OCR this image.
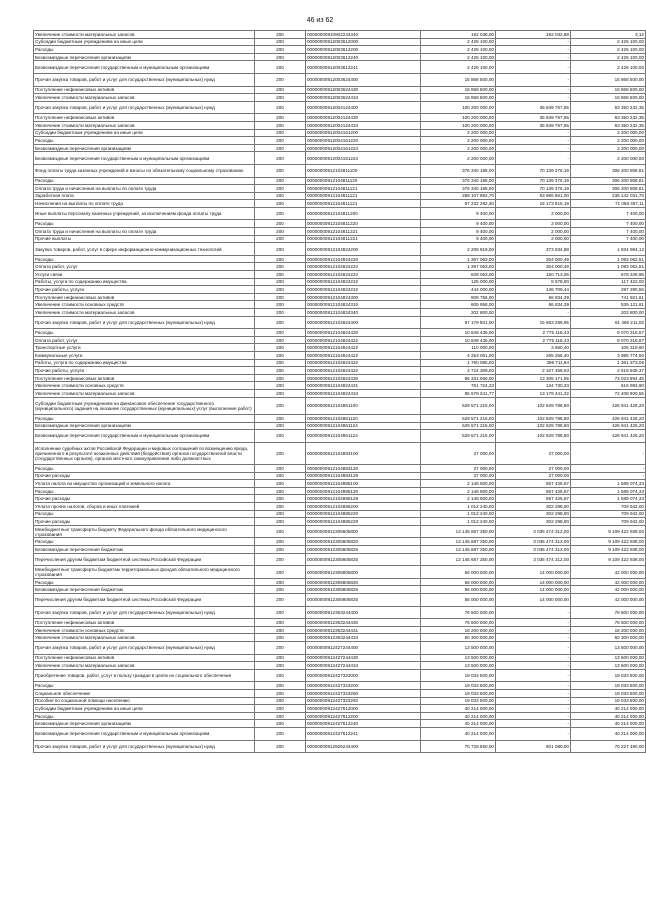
46 из 62
Увеличение стоимости материальных запасов	200	00000000910902244340	192 036,00	192 032,88	3,12
Субсидии бюджетным учреждениям на иные цели	200	00000000912003612000	2 426 100,00	-	2 426 100,00
Расходы	200	00000000912003612200	2 426 100,00	-	2 426 100,00
Безвозмездные перечисления организациям	200	00000000912003612240	2 426 100,00	-	2 426 100,00
Безвозмездные перечисления государственным и муниципальным организациям	200	00000000912003612241	2 426 100,00	-	2 426 100,00
Прочая закупка товаров, работ и услуг для государственных (муниципальных) нужд	200	00000000912003624400	15 868 500,00	-	15 868 500,00
Поступление нефинансовых активов	200	00000000912003624430	15 868 500,00	-	15 868 500,00
Увеличение стоимости материальных запасов	200	00000000912003624434	15 868 500,00	-	15 868 500,00
Прочая закупка товаров, работ и услуг для государственных (муниципальных) нужд	200	00000000912004124400	100 200 000,00	36 849 767,65	63 350 232,35
Поступление нефинансовых активов	200	00000000912004124430	100 200 000,00	36 849 767,65	63 350 232,35
Увеличение стоимости материальных запасов	200	00000000912004124434	100 200 000,00	36 849 767,65	63 350 232,35
Субсидии бюджетным учреждениям на иные цели	200	00000000912004161200	2 200 000,00	-	2 200 000,00
Расходы	200	00000000912004161220	2 200 000,00	-	2 200 000,00
Безвозмездные перечисления организациям	200	00000000912004161224	2 200 000,00	-	2 200 000,00
Безвозмездные перечисления государственным и муниципальным организациям	200	00000000912004161224	2 200 000,00	-	2 200 000,00
Фонд оплаты труда казенных учреждений и взносы по обязательному социальному страхованию	200	00000000912104811100	376 340 185,00	70 139 376,19	306 200 808,81
Расходы	200	00000000912104811120	376 340 185,00	70 139 376,19	306 200 808,81
Оплата труда и начисления на выплаты по оплате труда	200	00000000912104811121	376 340 185,00	70 139 376,19	306 200 808,81
Заработная плата	200	00000000912104811121	289 107 892,70	53 965 861,00	235 142 031,70
Начисления на выплаты по оплате труда	200	00000000912104811121	87 232 292,30	16 173 815,19	71 058 467,11
Иные выплаты персоналу казенных учреждений, за исключением фонда оплаты труда	200	00000000912104811200	9 400,00	2 000,00	7 400,00
Расходы	200	00000000912104811220	9 400,00	2 000,00	7 400,00
Оплата труда и начисления на выплаты по оплате труда	200	00000000912104811221	9 400,00	2 000,00	7 400,00
Прочие выплаты	200	00000000912104811221	9 400,00	2 000,00	7 400,00
Закупка товаров, работ, услуг в сфере информационно-коммуникационных технологий	200	00000000912104824200	2 208 819,00	373 834,88	1 834 984,12
Расходы	200	00000000912104824220	1 397 063,00	304 000,49	1 093 062,51
Оплата работ, услуг	200	00000000912104824222	1 397 063,00	304 000,49	1 093 062,51
Услуги связи	200	00000000912104824222	828 063,00	150 713,05	678 349,95
Работы, услуги по содержанию имущества	200	00000000912104824222	125 000,00	8 578,00	117 422,00
Прочие работы, услуги	200	00000000912104824222	444 000,00	146 709,44	297 290,56
Поступление нефинансовых активов	200	00000000912104824300	808 756,00	66 834,39	741 921,61
Увеличение стоимости основных средств	200	00000000912104824310	605 956,00	66 834,39	539 121,61
Увеличение стоимости материальных запасов	200	00000000912104824340	202 800,00	-	202 800,00
Прочая закупка товаров, работ и услуг для государственных (муниципальных) нужд	200	00000000912104824400	97 179 501,00	15 683 289,95	81 496 211,02
Расходы	200	00000000912104824420	10 848 435,00	2 775 118,43	8 070 316,57
Оплата работ, услуг	200	00000000912104824422	10 848 435,00	2 775 118,43	8 070 316,57
Транспортные услуги	200	00000000912104824422	110 000,00	3 660,40	106 319,60
Коммунальные услуги	200	00000000912104824422	4 253 061,00	265 256,40	3 985 774,60
Работы, услуги по содержанию имущества	200	00000000912104824422	1 760 085,00	398 711,94	1 361 373,06
Прочие работы, услуги	200	00000000912104824422	4 724 309,00	2 107 459,63	2 616 849,37
Поступление нефинансовых активов	200	00000000912104824430	86 331 066,00	13 306 171,55	73 023 894,45
Увеличение стоимости основных средств	200	00000000912104824431	751 724,23	134 730,33	616 993,90
Увеличение стоимости материальных запасов	200	00000000912104824434	85 579 341,77	13 179 441,22	72 408 900,55
Субсидии бюджетным учреждениям на финансовое обеспечение государственного (муниципального) задания на оказание государственных (муниципальных) услуг (выполнение работ)	200	00000000912104861100	529 571 215,00	102 629 788,80	426 941 426,20
Расходы	200	00000000912104861120	529 571 215,00	102 629 788,80	426 941 426,20
Безвозмездные перечисления организациям	200	00000000912104861124	529 571 215,00	102 629 788,80	426 941 426,20
Безвозмездные перечисления государственным и муниципальным организациям	200	00000000912104861124	529 571 215,00	102 629 788,80	426 941 426,20
Исполнение судебных актов Российской Федерации и мировых соглашений по возмещению вреда, причиненного в результате незаконных действий (бездействия) органов государственной власти (государственных органов), органов местного самоуправления либо должностных	200	00000000912104883100	27 000,00	27 000,00	-
Расходы	200	00000000912104883120	27 000,00	27 000,00	-
Прочие расходы	200	00000000912104883129	27 000,00	27 000,00	-
Уплата налога на имущество организаций и земельного налога	200	00000000912104885100	2 146 500,00	557 425,67	1 589 074,33
Расходы	200	00000000912104885120	2 146 500,00	557 425,67	1 589 074,33
Прочие расходы	200	00000000912104885129	2 146 500,00	557 425,67	1 589 074,33
Уплата прочих налогов, сборов и иных платежей	200	00000000912104885200	1 012 240,00	302 298,00	709 942,00
Расходы	200	00000000912104885220	1 012 240,00	302 298,00	709 942,00
Прочие расходы	200	00000000912104885229	1 012 240,00	302 298,00	709 942,00
Межбюджетные трансферты бюджету Федерального фонда обязательного медицинского страхования	200	00000000912305605800	12 145 687 250,00	3 036 474 312,00	9 109 422 938,00
Расходы	200	00000000912305605820	12 145 687 250,00	3 036 474 312,00	9 109 422 938,00
Безвозмездные перечисления бюджетам	200	00000000912305605825	12 145 687 250,00	3 036 474 312,00	9 109 422 938,00
Перечисления другим бюджетам бюджетной системы Российской Федерации	200	00000000912305605825	12 145 687 250,00	3 036 474 312,00	9 109 422 938,00
Межбюджетные трансферты бюджетам территориальных фондов обязательного медицинского страхования	200	00000000912305805800	56 000 000,00	14 000 000,00	42 000 000,00
Расходы	200	00000000912305805820	56 000 000,00	14 000 000,00	42 000 000,00
Безвозмездные перечисления бюджетам	200	00000000912305805825	56 000 000,00	14 000 000,00	42 000 000,00
Перечисления другим бюджетам бюджетной системы Российской Федерации	200	00000000912305805825	56 000 000,00	14 000 000,00	42 000 000,00
Прочая закупка товаров, работ и услуг для государственных (муниципальных) нужд	200	00000000912363244400	76 500 000,00	-	76 500 000,00
Поступление нефинансовых активов	200	00000000912363244430	76 500 000,00	-	76 500 000,00
Увеличение стоимости основных средств	200	00000000912363244431	16 200 000,00	-	16 200 000,00
Увеличение стоимости материальных запасов	200	00000000912363244434	60 300 000,00	-	60 300 000,00
Прочая закупка товаров, работ и услуг для государственных (муниципальных) нужд	200	00000000912427244400	13 500 000,00	-	13 500 000,00
Поступление нефинансовых активов	200	00000000912427244430	13 500 000,00	-	13 500 000,00
Увеличение стоимости материальных запасов	200	00000000912427244434	13 500 000,00	-	13 500 000,00
Приобретение товаров, работ, услуг в пользу граждан в целях их социального обеспечения	200	00000000912427323000	19 033 500,00	-	19 033 500,00
Расходы	200	00000000912427323200	19 033 500,00	-	19 033 500,00
Социальное обеспечение	200	00000000912427323260	19 033 500,00	-	19 033 500,00
Пособия по социальной помощи населению	200	00000000912427323262	19 033 500,00	-	19 033 500,00
Субсидии бюджетным учреждениям на иные цели	200	00000000912427612000	40 214 000,00	-	40 214 000,00
Расходы	200	00000000912427612200	40 214 000,00	-	40 214 000,00
Безвозмездные перечисления организациям	200	00000000912427612240	40 214 000,00	-	40 214 000,00
Безвозмездные перечисления государственным и муниципальным организациям	200	00000000912427612241	40 214 000,00	-	40 214 000,00
Прочая закупка товаров, работ и услуг для государственных (муниципальных) нужд	200	00000000912925244400	70 728 550,00	501 080,00	70 227 490,00
